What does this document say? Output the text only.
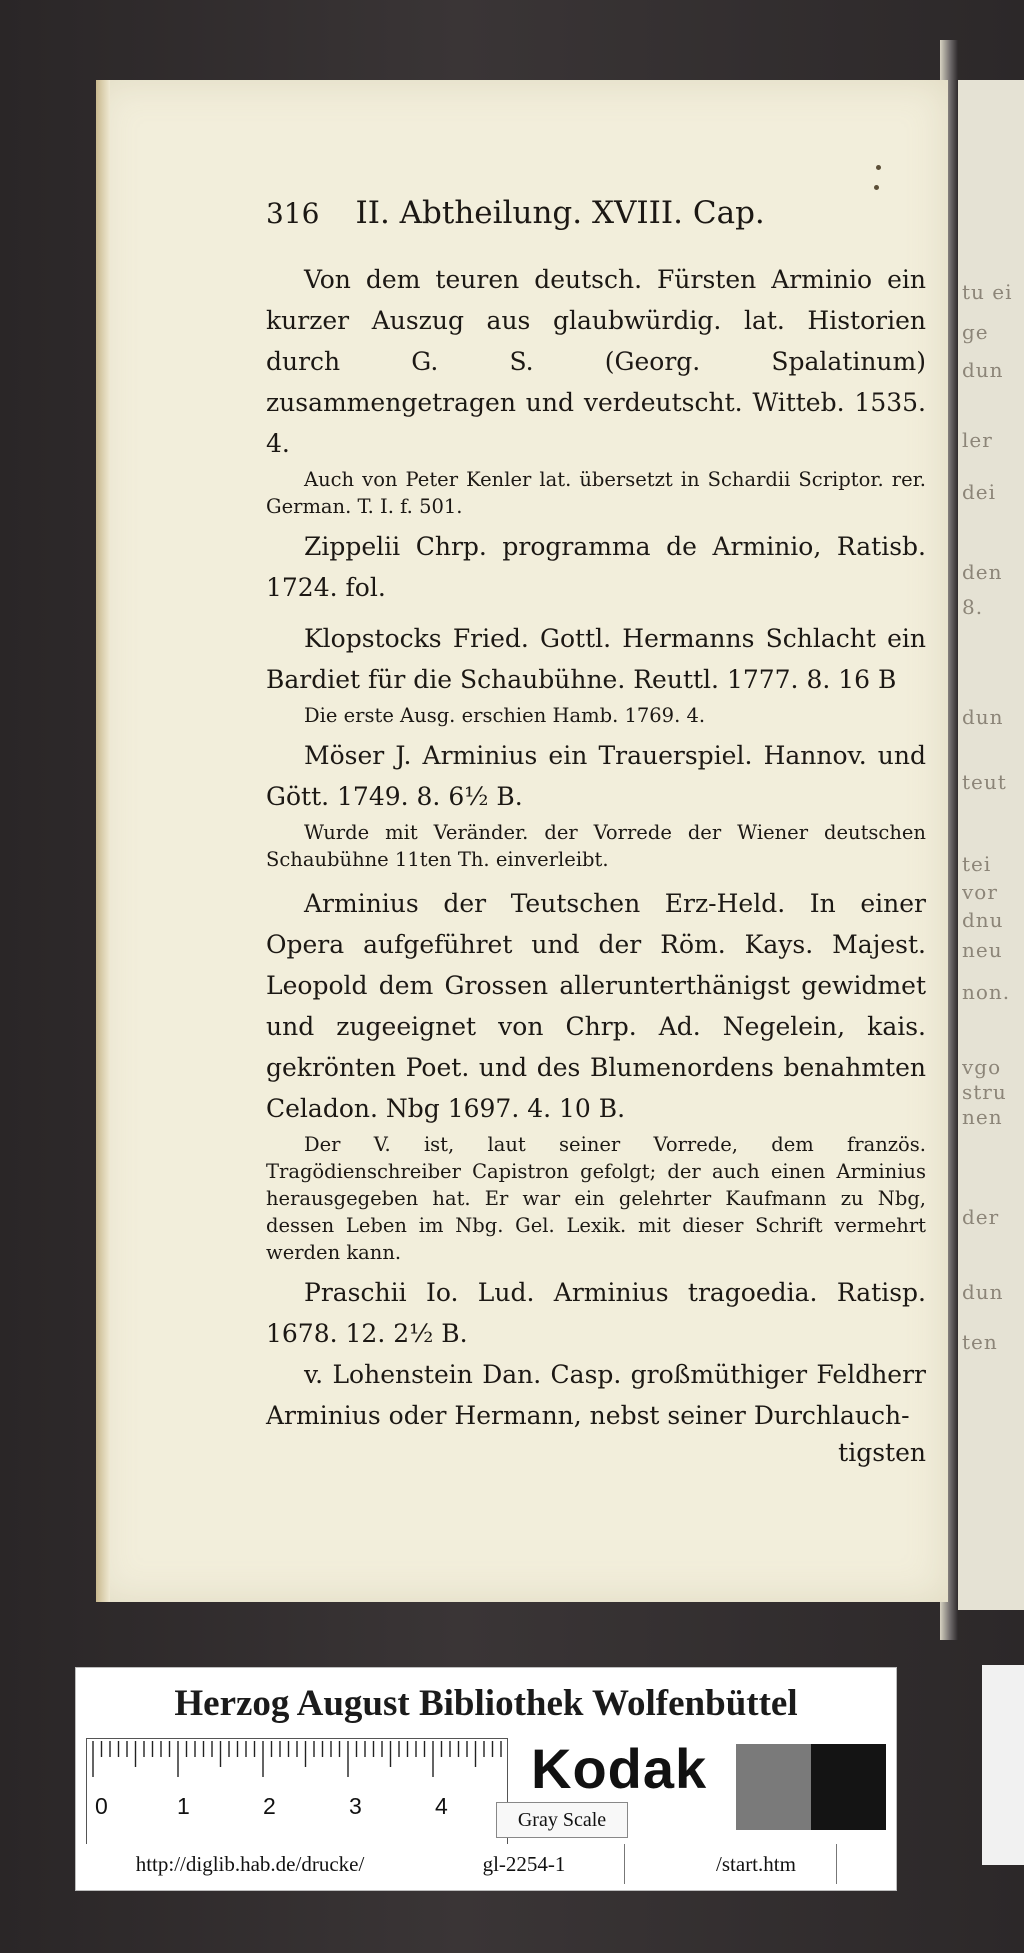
tu ei
ge
dun
ler
dei
den
8.
dun
teut
tei
vor
dnu
neu
non.
vgo
stru
nen
der
dun
ten
316 II. Abtheilung. XVIII. Cap.

Von dem teuren deutsch. Fürsten Arminio ein kurzer Auszug aus glaubwürdig. lat. Historien durch G. S. (Georg. Spalatinum) zusammengetragen und verdeutscht. Witteb. 1535. 4.

Auch von Peter Kenler lat. übersetzt in Schardii Scriptor. rer. German. T. I. f. 501.

Zippelii Chrp. programma de Arminio, Ratisb. 1724. fol.

Klopstocks Fried. Gottl. Hermanns Schlacht ein Bardiet für die Schaubühne. Reuttl. 1777. 8. 16 B

Die erste Ausg. erschien Hamb. 1769. 4.

Möser J. Arminius ein Trauerspiel. Hannov. und Gött. 1749. 8. 6½ B.

Wurde mit Veränder. der Vorrede der Wiener deutschen Schaubühne 11ten Th. einverleibt.

Arminius der Teutschen Erz-Held. In einer Opera aufgeführet und der Röm. Kays. Majest. Leopold dem Grossen allerunterthänigst gewidmet und zugeeignet von Chrp. Ad. Negelein, kais. gekrönten Poet. und des Blumenordens benahmten Celadon. Nbg 1697. 4. 10 B.

Der V. ist, laut seiner Vorrede, dem französ. Tragödienschreiber Capistron gefolgt; der auch einen Arminius herausgegeben hat. Er war ein gelehrter Kaufmann zu Nbg, dessen Leben im Nbg. Gel. Lexik. mit dieser Schrift vermehrt werden kann.

Praschii Io. Lud. Arminius tragoedia. Ratisp. 1678. 12. 2½ B.

v. Lohenstein Dan. Casp. großmüthiger Feldherr Arminius oder Hermann, nebst seiner Durchlauch-

tigsten

Herzog August Bibliothek Wolfenbüttel
0	1	2	3	4
Kodak
Gray Scale
http://diglib.hab.de/drucke/	gl-2254-1	/start.htm
